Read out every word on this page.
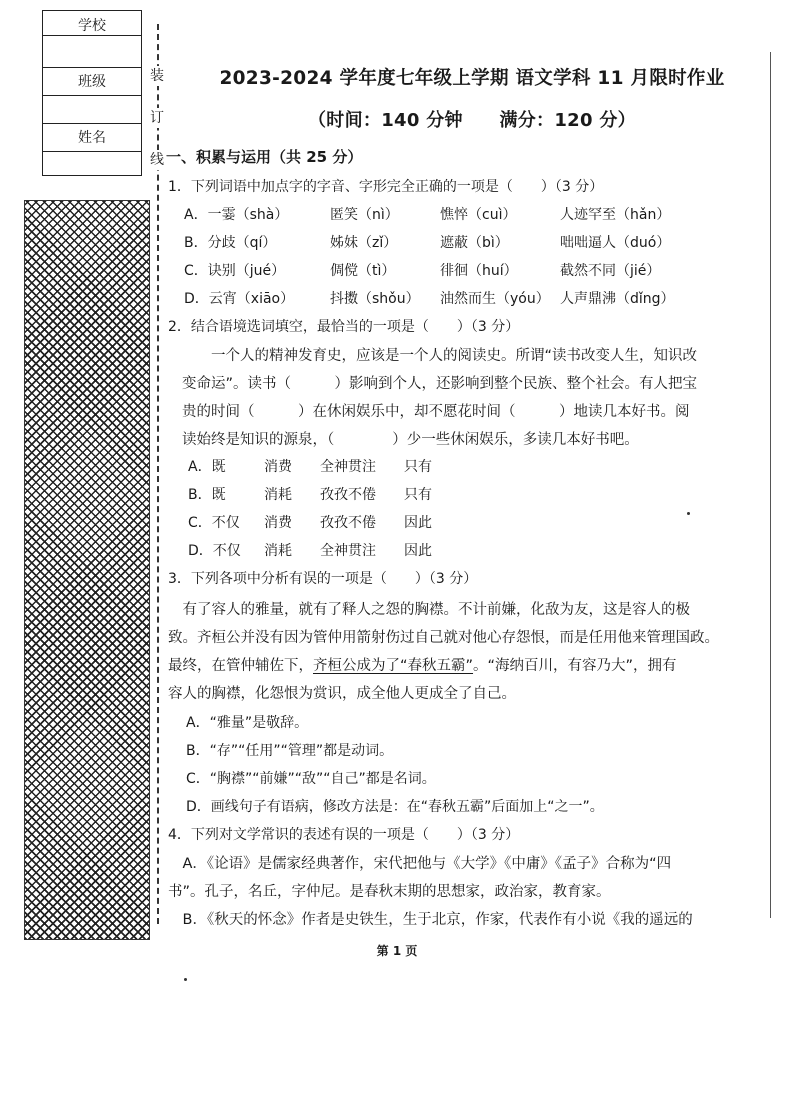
学校
班级
姓名
装
订
线
2023-2024 学年度七年级上学期 语文学科 11 月限时作业
（时间：140 分钟　　满分：120 分）
一、积累与运用（共 25 分）
1．下列词语中加点字的字音、字形完全正确的一项是（　　）（3 分）
A．一霎（shà）	匿笑（nì）	憔悴（cuì）	人迹罕至（hǎn）
B．分歧（qí）	姊妹（zǐ）	遮蔽（bì）	咄咄逼人（duó）
C．诀别（jué）	倜傥（tì）	徘徊（huí）	截然不同（jié）
D．云宵（xiāo）	抖擞（shǒu） 油然而生（yóu） 人声鼎沸（dǐng）
2．结合语境选词填空，最恰当的一项是（　　）（3 分）
　　一个人的精神发育史，应该是一个人的阅读史。所谓“读书改变人生，知识改
变命运”。读书（　　　）影响到个人，还影响到整个民族、整个社会。有人把宝
贵的时间（　　　）在休闲娱乐中，却不愿花时间（　　　）地读几本好书。阅
读始终是知识的源泉，（　　　　）少一些休闲娱乐，多读几本好书吧。
A．既	消费 全神贯注 只有
B．既	消耗 孜孜不倦 只有
C．不仅 消费 孜孜不倦 因此
D．不仅 消耗 全神贯注 因此
3．下列各项中分析有误的一项是（　　）（3 分）
　有了容人的雅量，就有了释人之怨的胸襟。不计前嫌，化敌为友，这是容人的极
致。齐桓公并没有因为管仲用箭射伤过自己就对他心存怨恨，而是任用他来管理国政。
最终，在管仲辅佐下，齐桓公成为了“春秋五霸”。“海纳百川，有容乃大”，拥有
容人的胸襟，化怨恨为赏识，成全他人更成全了自己。
A．“雅量”是敬辞。
B．“存”“任用”“管理”都是动词。
C．“胸襟”“前嫌”“敌”“自己”都是名词。
D．画线句子有语病，修改方法是：在“春秋五霸”后面加上“之一”。
4．下列对文学常识的表述有误的一项是（　　）（3 分）
　A．《论语》是儒家经典著作，宋代把他与《大学》《中庸》《孟子》合称为“四
书”。孔子，名丘，字仲尼。是春秋末期的思想家，政治家，教育家。
　B．《秋天的怀念》作者是史铁生，生于北京，作家，代表作有小说《我的遥远的
第 1 页
